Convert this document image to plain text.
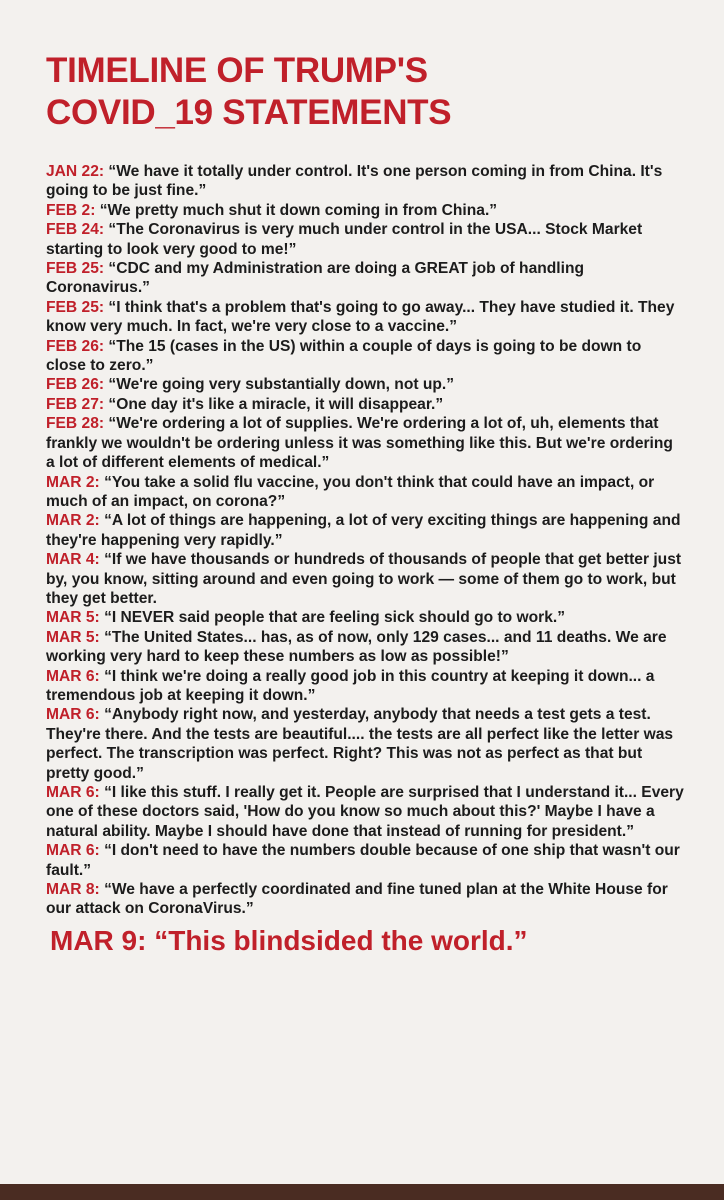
TIMELINE OF TRUMP'S
COVID_19 STATEMENTS

JAN 22: “We have it totally under control. It's one person coming in from China. It's going to be just fine.”

FEB 2: “We pretty much shut it down coming in from China.”

FEB 24: “The Coronavirus is very much under control in the USA... Stock Market starting to look very good to me!”

FEB 25: “CDC and my Administration are doing a GREAT job of handling Coronavirus.”

FEB 25: “I think that's a problem that's going to go away... They have studied it. They know very much. In fact, we're very close to a vaccine.”

FEB 26: “The 15 (cases in the US) within a couple of days is going to be down to close to zero.”

FEB 26: “We're going very substantially down, not up.”

FEB 27: “One day it's like a miracle, it will disappear.”

FEB 28: “We're ordering a lot of supplies. We're ordering a lot of, uh, elements that frankly we wouldn't be ordering unless it was something like this. But we're ordering a lot of different elements of medical.”

MAR 2: “You take a solid flu vaccine, you don't think that could have an impact, or much of an impact, on corona?”

MAR 2: “A lot of things are happening, a lot of very exciting things are happening and they're happening very rapidly.”

MAR 4: “If we have thousands or hundreds of thousands of people that get better just by, you know, sitting around and even going to work — some of them go to work, but they get better.

MAR 5: “I NEVER said people that are feeling sick should go to work.”

MAR 5: “The United States... has, as of now, only 129 cases... and 11 deaths. We are working very hard to keep these numbers as low as possible!”

MAR 6: “I think we're doing a really good job in this country at keeping it down... a tremendous job at keeping it down.”

MAR 6: “Anybody right now, and yesterday, anybody that needs a test gets a test. They're there. And the tests are beautiful.... the tests are all perfect like the letter was perfect. The transcription was perfect. Right? This was not as perfect as that but pretty good.”

MAR 6: “I like this stuff. I really get it. People are surprised that I understand it... Every one of these doctors said, 'How do you know so much about this?' Maybe I have a natural ability. Maybe I should have done that instead of running for president.”

MAR 6: “I don't need to have the numbers double because of one ship that wasn't our fault.”

MAR 8: “We have a perfectly coordinated and fine tuned plan at the White House for our attack on CoronaVirus.”

MAR 9: “This blindsided the world.”
